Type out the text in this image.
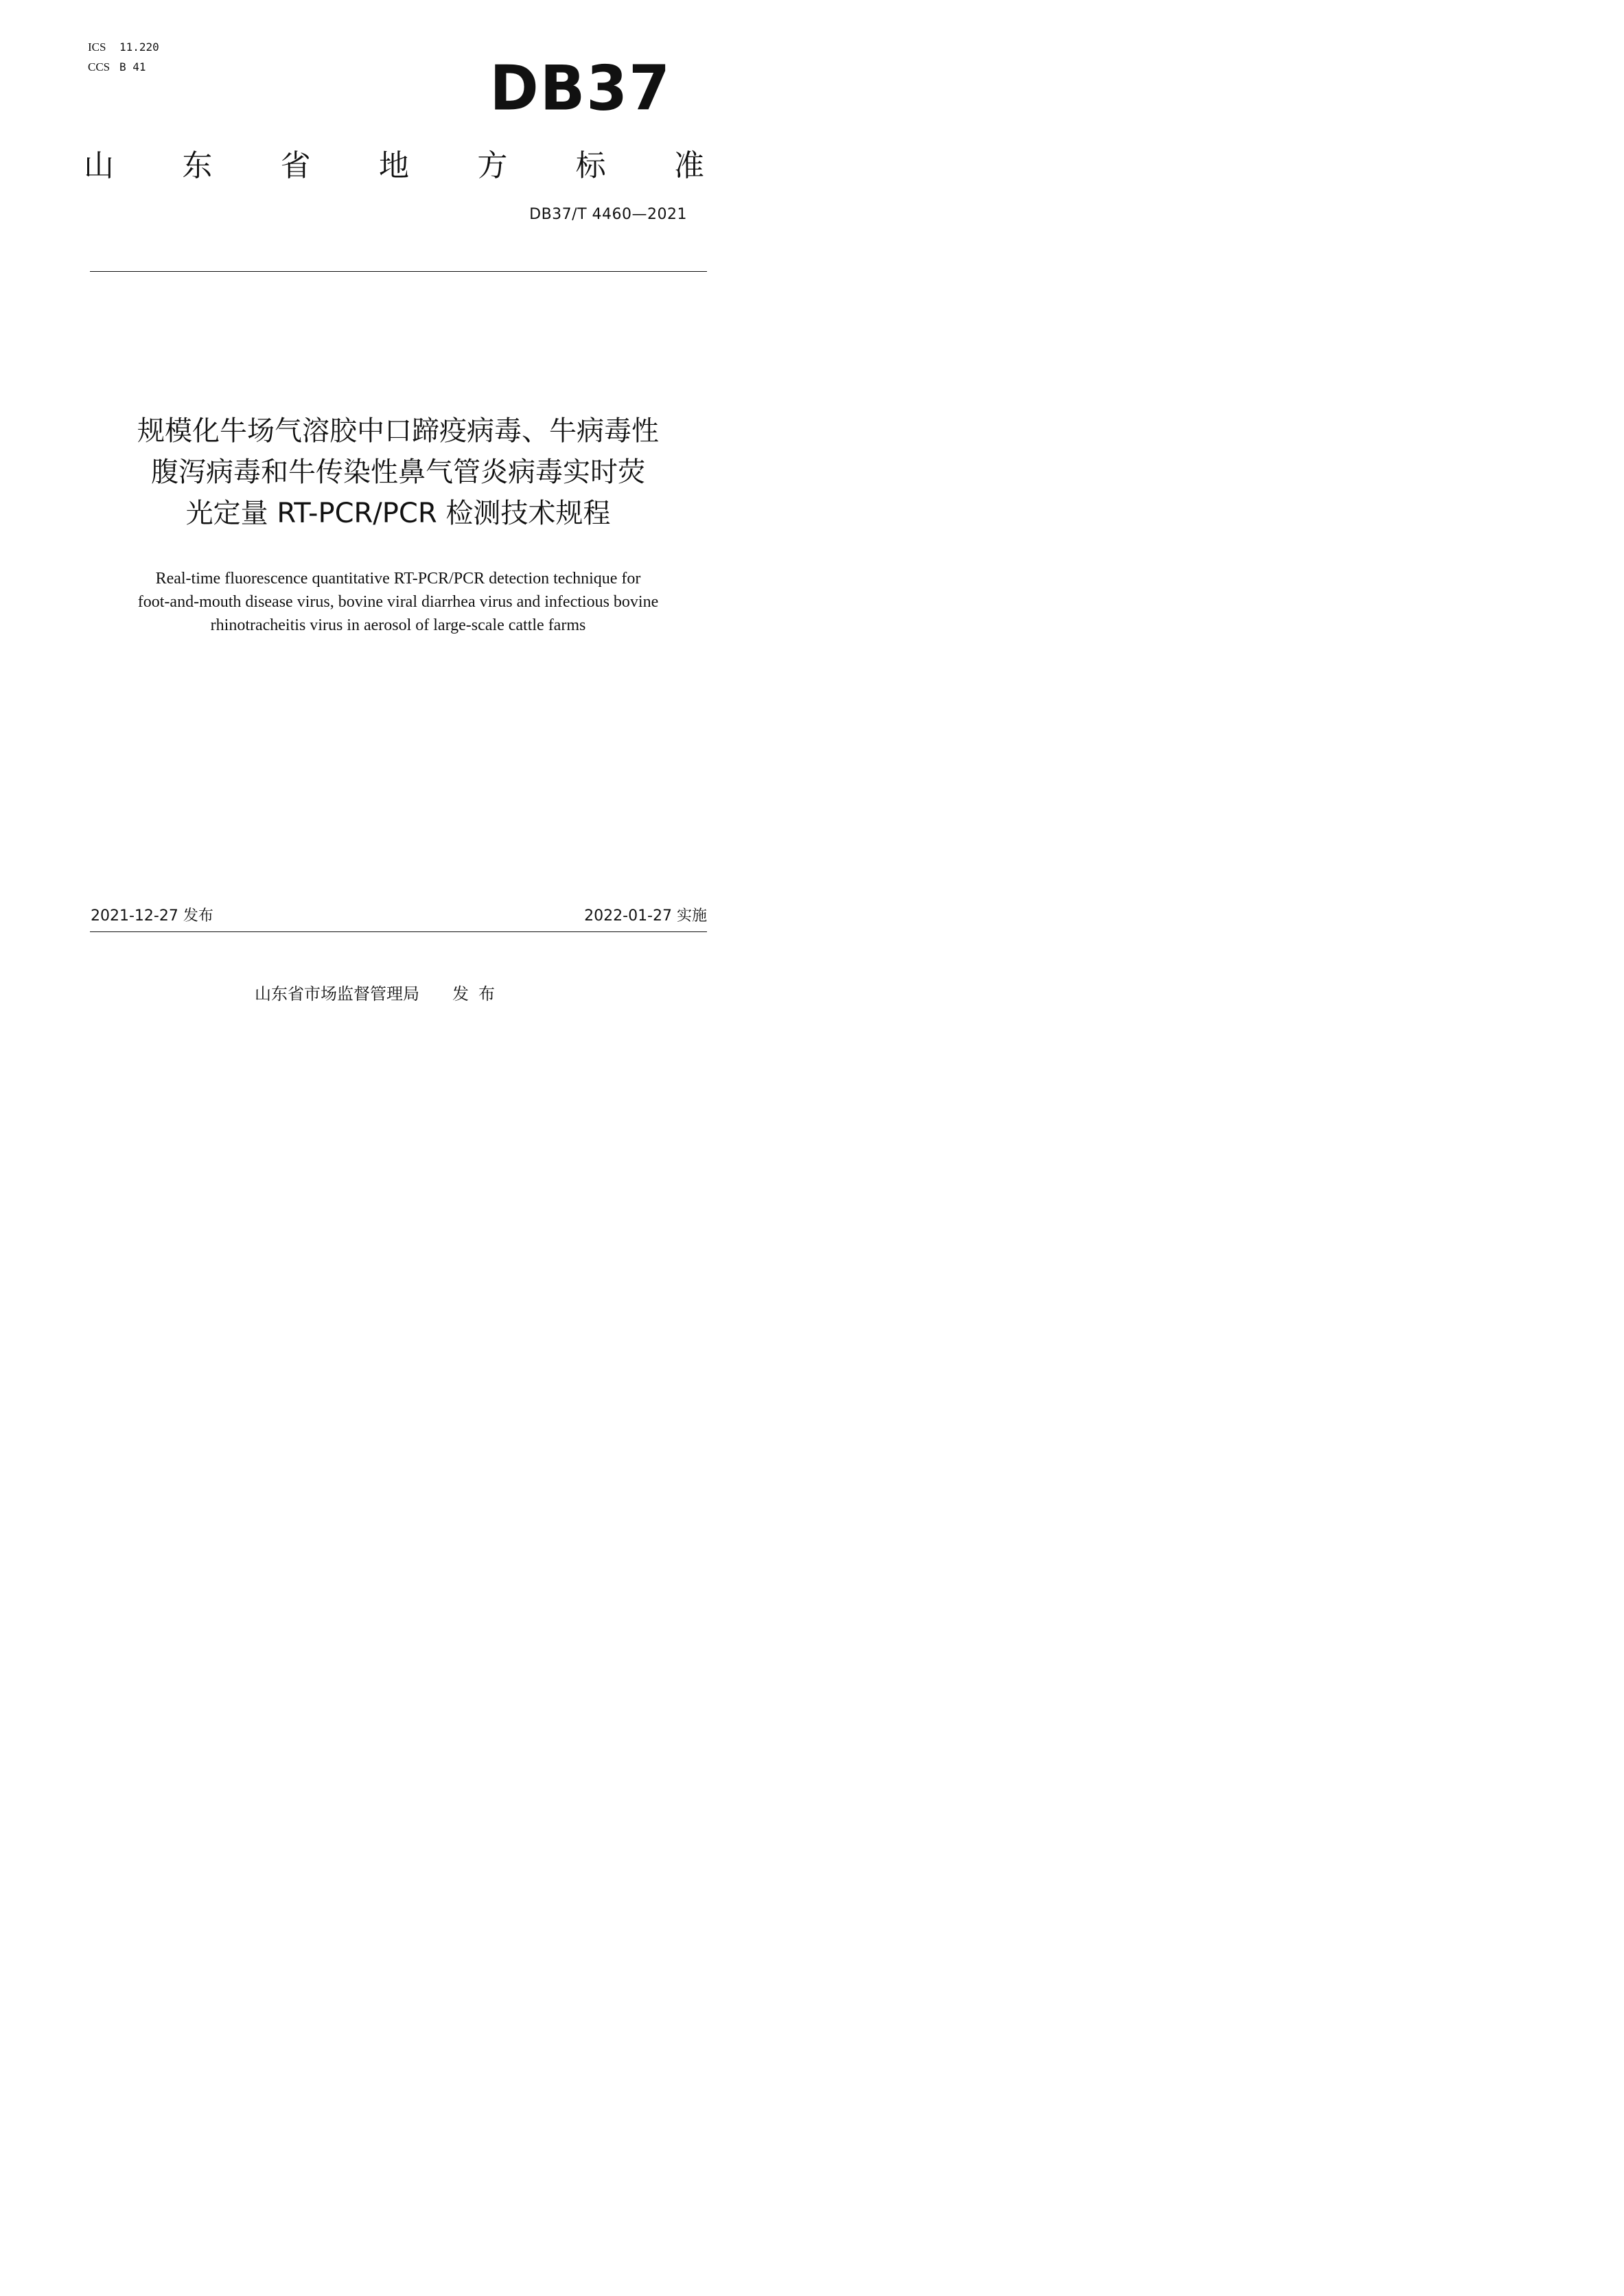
ICS	11.220
CCS B 41	DB37
山 东 省 地 方 标 准
DB37/T 4460—2021
规模化牛场气溶胶中口蹄疫病毒、牛病毒性
腹泻病毒和牛传染性鼻气管炎病毒实时荧
光定量 RT-PCR/PCR 检测技术规程
Real-time fluorescence quantitative RT-PCR/PCR detection technique for
foot-and-mouth disease virus, bovine viral diarrhea virus and infectious bovine
rhinotracheitis virus in aerosol of large-scale cattle farms
2021-12-27 发布	2022-01-27 实施
山东省市场监督管理局 发布
